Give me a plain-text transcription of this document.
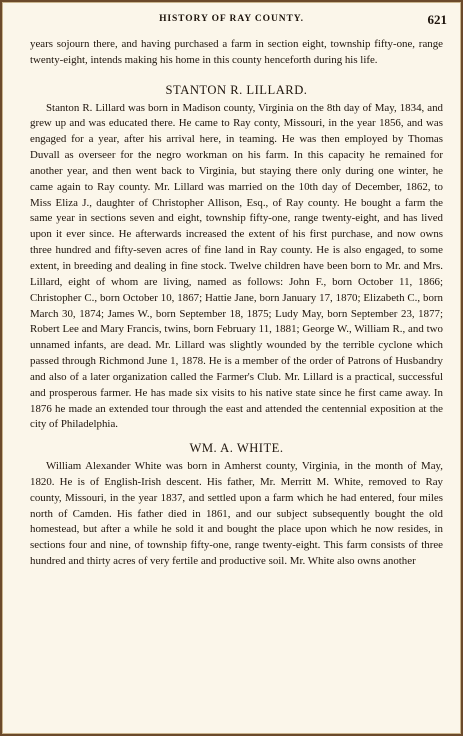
HISTORY OF RAY COUNTY.	621

years sojourn there, and having purchased a farm in section eight, township fifty-one, range twenty-eight, intends making his home in this county henceforth during his life.

STANTON R. LILLARD.

Stanton R. Lillard was born in Madison county, Virginia on the 8th day of May, 1834, and grew up and was educated there. He came to Ray conty, Missouri, in the year 1856, and was engaged for a year, after his arrival here, in teaming. He was then employed by Thomas Duvall as overseer for the negro workman on his farm. In this capacity he remained for another year, and then went back to Virginia, but staying there only during one winter, he came again to Ray county. Mr. Lillard was married on the 10th day of December, 1862, to Miss Eliza J., daughter of Christopher Allison, Esq., of Ray county. He bought a farm the same year in sections seven and eight, township fifty-one, range twenty-eight, and has lived upon it ever since. He afterwards increased the extent of his first purchase, and now owns three hundred and fifty-seven acres of fine land in Ray county. He is also engaged, to some extent, in breeding and dealing in fine stock. Twelve children have been born to Mr. and Mrs. Lillard, eight of whom are living, named as follows: John F., born October 11, 1866; Christopher C., born October 10, 1867; Hattie Jane, born January 17, 1870; Elizabeth C., born March 30, 1874; James W., born September 18, 1875; Ludy May, born September 23, 1877; Robert Lee and Mary Francis, twins, born February 11, 1881; George W., William R., and two unnamed infants, are dead. Mr. Lillard was slightly wounded by the terrible cyclone which passed through Richmond June 1, 1878. He is a member of the order of Patrons of Husbandry and also of a later organization called the Farmer's Club. Mr. Lillard is a practical, successful and prosperous farmer. He has made six visits to his native state since he first came away. In 1876 he made an extended tour through the east and attended the centennial exposition at the city of Philadelphia.

WM. A. WHITE.

William Alexander White was born in Amherst county, Virginia, in the month of May, 1820. He is of English-Irish descent. His father, Mr. Merritt M. White, removed to Ray county, Missouri, in the year 1837, and settled upon a farm which he had entered, four miles north of Camden. His father died in 1861, and our subject subsequently bought the old homestead, but after a while he sold it and bought the place upon which he now resides, in sections four and nine, of township fifty-one, range twenty-eight. This farm consists of three hundred and thirty acres of very fertile and productive soil. Mr. White also owns another
